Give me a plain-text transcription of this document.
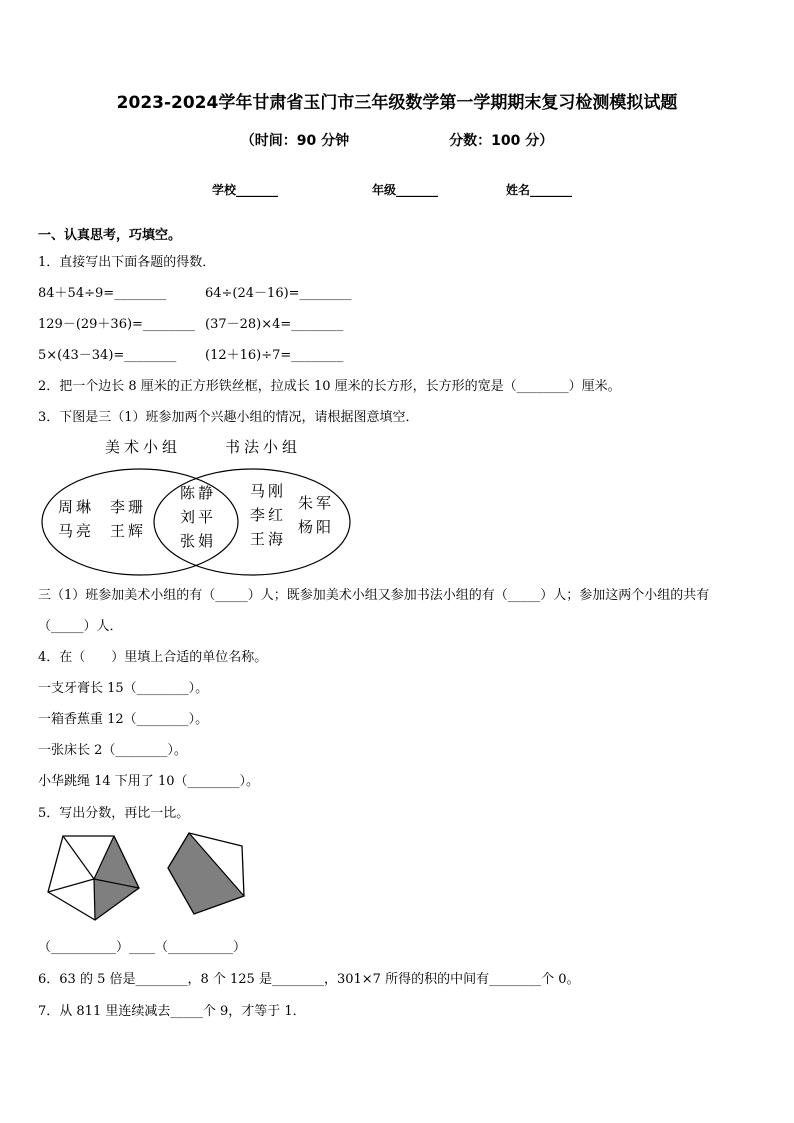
2023-2024学年甘肃省玉门市三年级数学第一学期期末复习检测模拟试题
（时间：90 分钟	分数：100 分）
学校_______	年级_______	姓名_______
一、认真思考，巧填空。
1．直接写出下面各题的得数．
84＋54÷9=________	64÷(24－16)=________
129－(29＋36)=________ (37－28)×4=________
5×(43－34)=________ (12＋16)÷7=________
2．把一个边长 8 厘米的正方形铁丝框，拉成长 10 厘米的长方形，长方形的宽是（________）厘米。
3．下图是三（1）班参加两个兴趣小组的情况，请根据图意填空．
美术小组	书法小组
周琳 李珊
马亮 王辉
陈静
刘平
张娟
马刚
朱军
李红
杨阳
王海
三（1）班参加美术小组的有（_____）人；既参加美术小组又参加书法小组的有（_____）人；参加这两个小组的共有
（_____）人．
4．在（　　）里填上合适的单位名称。
一支牙膏长 15（________）。
一箱香蕉重 12（________）。
一张床长 2（________）。
小华跳绳 14 下用了 10（________）。
5．写出分数，再比一比。
（__________）____（__________）
6．63 的 5 倍是________，8 个 125 是________，301×7 所得的积的中间有________个 0。
7．从 811 里连续减去_____个 9，才等于 1．
